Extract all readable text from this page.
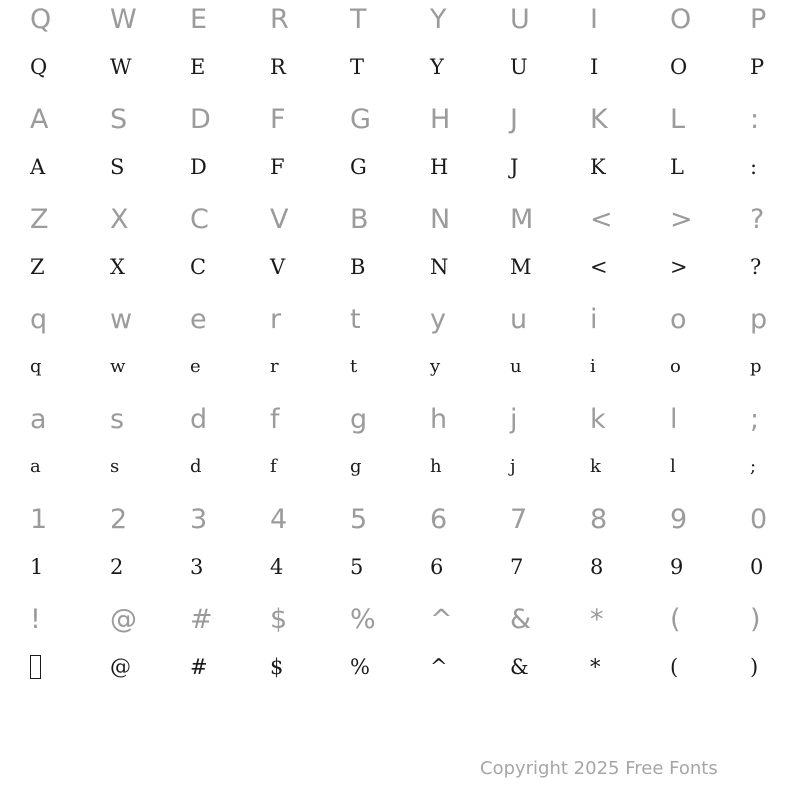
Q
Q
W
W
E
E
R
R
T
T
Y
Y
U
U
I
I
O
O
P
P
A
A
S
S
D
D
F
F
G
G
H
H
J
J
K
K
L
L
:
:
Z
Z
X
X
C
C
V
V
B
B
N
N
M
M
<
<
>
>
?
?
q
q
w
w
e
e
r
r
t
t
y
y
u
u
i
i
o
o
p
p
a
a
s
s
d
d
f
f
g
g
h
h
j
j
k
k
l
l
;
;
1
1
2
2
3
3
4
4
5
5
6
6
7
7
8
8
9
9
0
0
!	@
@
#
#
$
$
%
%
^
^
&
&
*
*
(
(
)
)
Copyright 2025 Free Fonts
